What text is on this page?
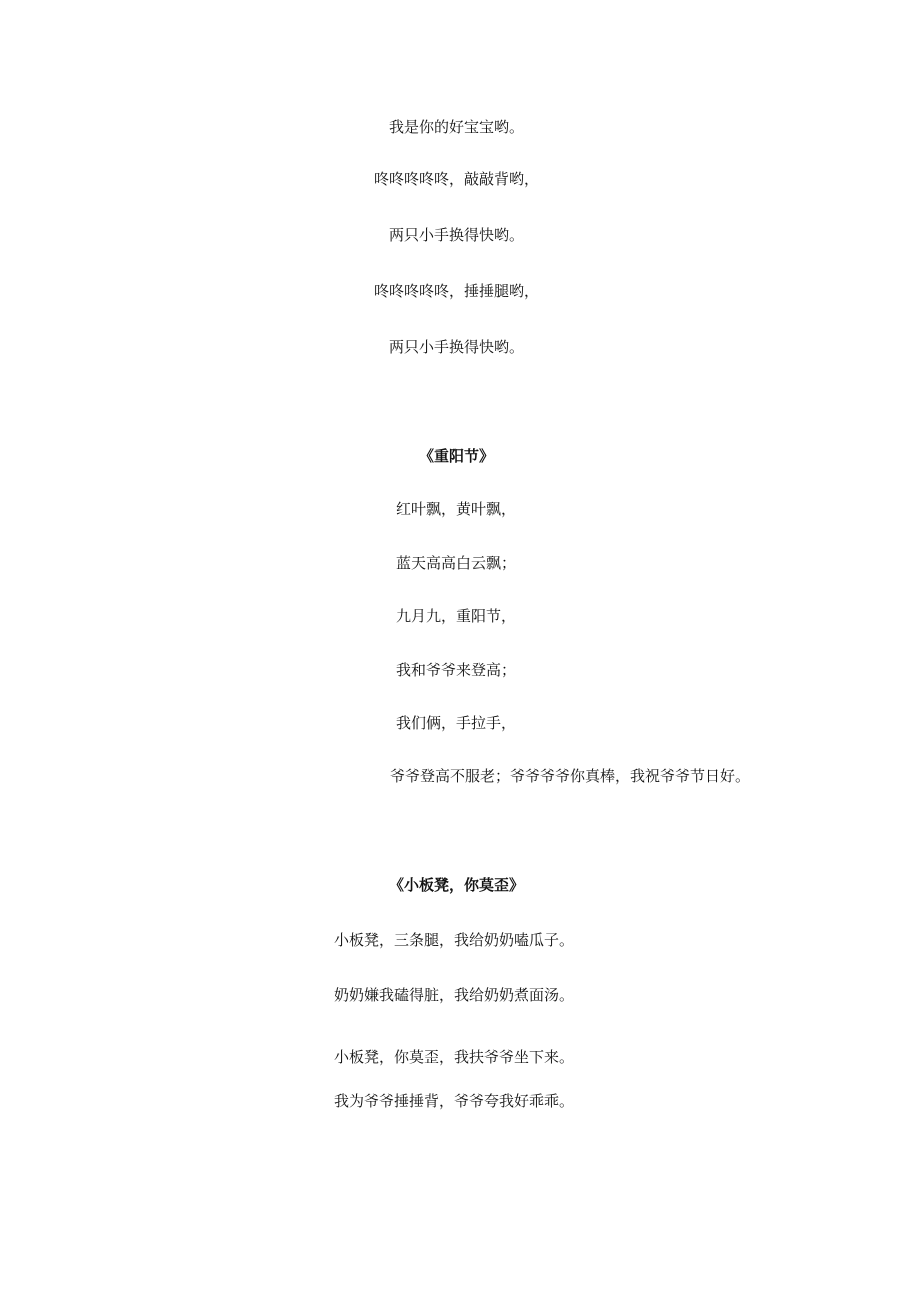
我是你的好宝宝哟。
咚咚咚咚咚，敲敲背哟，
两只小手换得快哟。
咚咚咚咚咚，捶捶腿哟，
两只小手换得快哟。
《重阳节》
红叶飘，黄叶飘，
蓝天高高白云飘；
九月九，重阳节，
我和爷爷来登高；
我们俩，手拉手，
爷爷登高不服老；爷爷爷爷你真棒，我祝爷爷节日好。
《小板凳，你莫歪》
小板凳，三条腿，我给奶奶嗑瓜子。
奶奶嫌我磕得脏，我给奶奶煮面汤。
小板凳，你莫歪，我扶爷爷坐下来。
我为爷爷捶捶背，爷爷夸我好乖乖。
